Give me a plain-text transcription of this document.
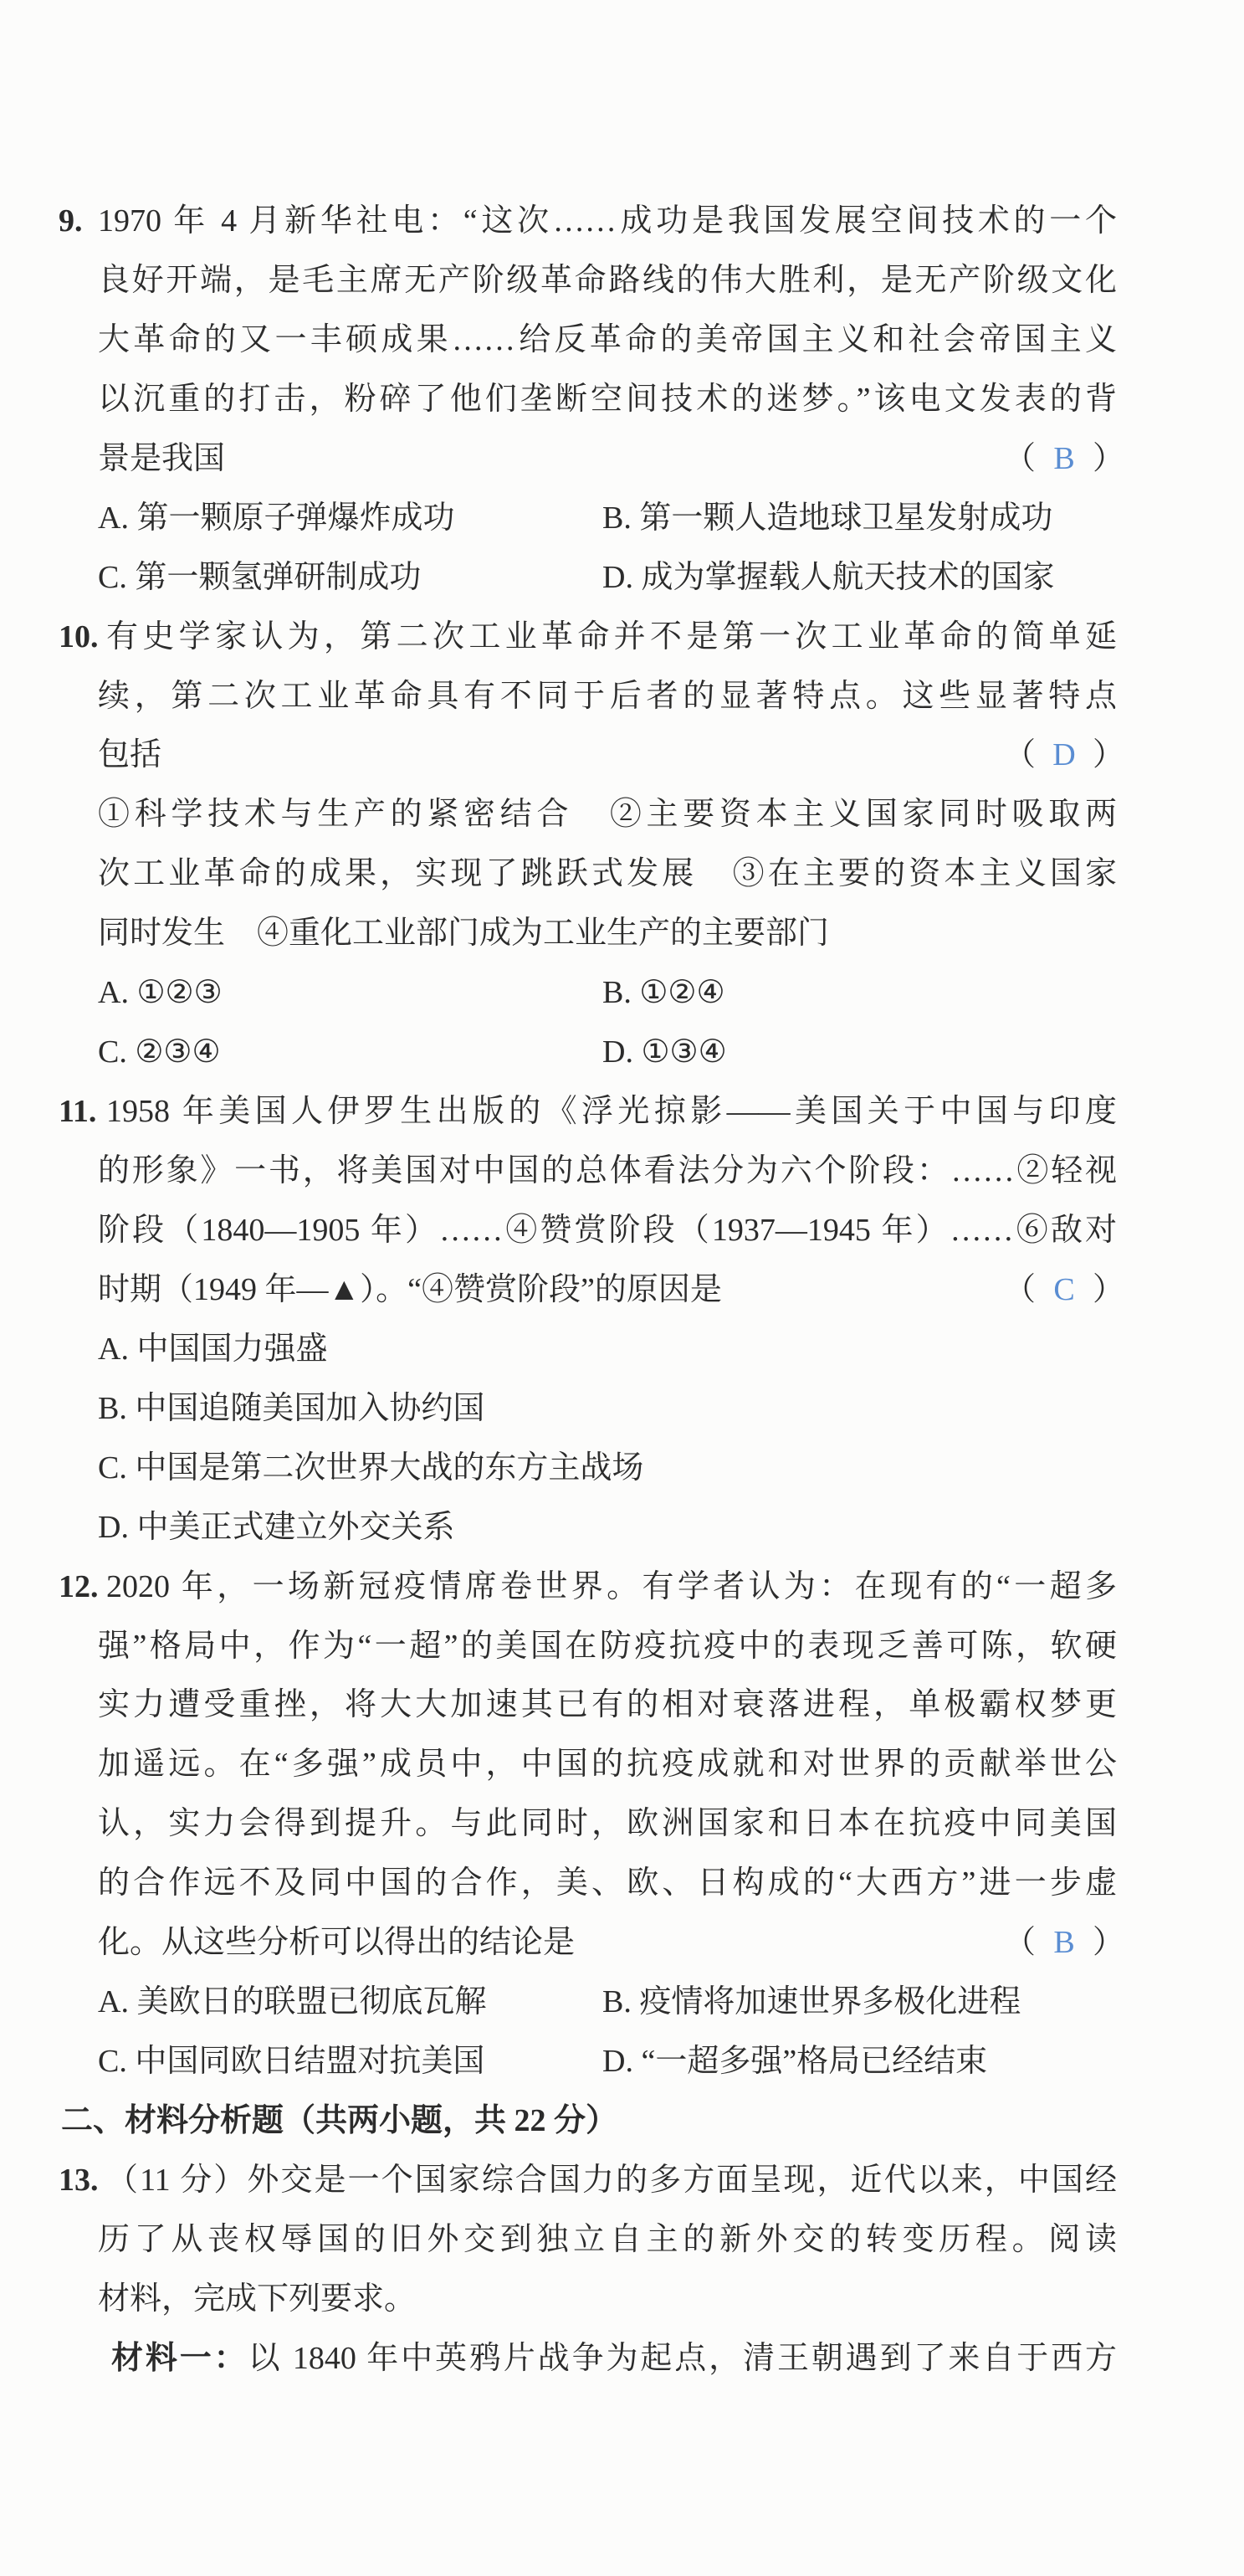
9. 1970 年 4 月新华社电：“这次……成功是我国发展空间技术的一个
良好开端，是毛主席无产阶级革命路线的伟大胜利，是无产阶级文化
大革命的又一丰硕成果……给反革命的美帝国主义和社会帝国主义
以沉重的打击，粉碎了他们垄断空间技术的迷梦。”该电文发表的背
景是我国	（ B ）
A. 第一颗原子弹爆炸成功	B. 第一颗人造地球卫星发射成功
C. 第一颗氢弹研制成功	D. 成为掌握载人航天技术的国家
10. 有史学家认为，第二次工业革命并不是第一次工业革命的简单延
续，第二次工业革命具有不同于后者的显著特点。这些显著特点
包括	（ D ）
①科学技术与生产的紧密结合　②主要资本主义国家同时吸取两
次工业革命的成果，实现了跳跃式发展　③在主要的资本主义国家
同时发生　④重化工业部门成为工业生产的主要部门
A. ①②③	B. ①②④
C. ②③④	D. ①③④
11. 1958 年美国人伊罗生出版的《浮光掠影——美国关于中国与印度
的形象》一书，将美国对中国的总体看法分为六个阶段：……②轻视
阶段（1840—1905 年）……④赞赏阶段（1937—1945 年）……⑥敌对
时期（1949 年—▲）。“④赞赏阶段”的原因是	（ C ）
A. 中国国力强盛
B. 中国追随美国加入协约国
C. 中国是第二次世界大战的东方主战场
D. 中美正式建立外交关系
12. 2020 年，一场新冠疫情席卷世界。有学者认为：在现有的“一超多
强”格局中，作为“一超”的美国在防疫抗疫中的表现乏善可陈，软硬
实力遭受重挫，将大大加速其已有的相对衰落进程，单极霸权梦更
加遥远。在“多强”成员中，中国的抗疫成就和对世界的贡献举世公
认，实力会得到提升。与此同时，欧洲国家和日本在抗疫中同美国
的合作远不及同中国的合作，美、欧、日构成的“大西方”进一步虚
化。从这些分析可以得出的结论是	（ B ）
A. 美欧日的联盟已彻底瓦解	B. 疫情将加速世界多极化进程
C. 中国同欧日结盟对抗美国	D. “一超多强”格局已经结束
二、材料分析题（共两小题，共 22 分）
13. （11 分）外交是一个国家综合国力的多方面呈现，近代以来，中国经
历了从丧权辱国的旧外交到独立自主的新外交的转变历程。阅读
材料，完成下列要求。
材料一：以 1840 年中英鸦片战争为起点，清王朝遇到了来自于西方
